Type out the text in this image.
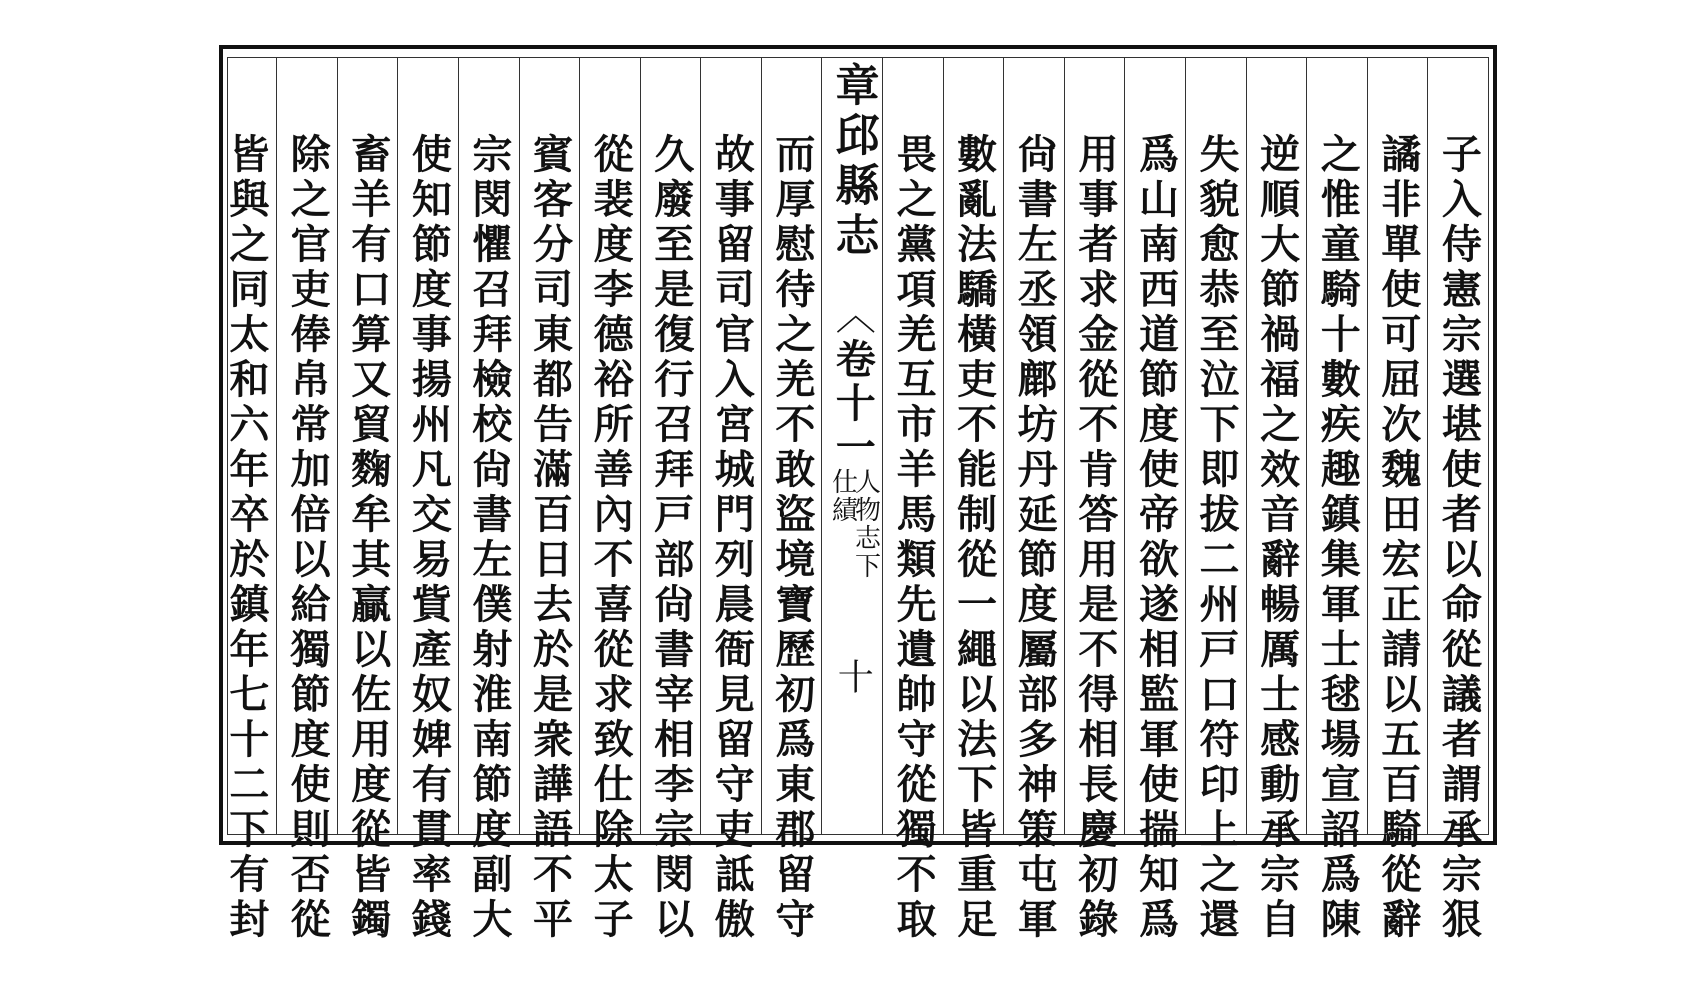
子入侍憲宗選堪使者以命從議者謂承宗狠
譎非單使可屈次魏田宏正請以五百騎從辭
之惟童騎十數疾趣鎮集軍士毬場宣詔爲陳
逆順大節禍福之效音辭暢厲士感動承宗自
失貌愈恭至泣下即拔二州戸口符印上之還
爲山南西道節度使帝欲遂相監軍使揣知爲
用事者求金從不肯答用是不得相長慶初錄
尙書左丞領鄜坊丹延節度屬部多神策屯軍
數亂法驕橫吏不能制從一繩以法下皆重足
畏之黨項羌互市羊馬類先遺帥守從獨不取
章邱縣志
〈卷十一
人物志下
仕績
十
而厚慰待之羌不敢盜境寶歷初爲東郡留守
故事留司官入宮城門列晨衙見留守吏詆傲
久廢至是復行召拜戸部尙書宰相李宗閔以
從裴度李德裕所善內不喜從求致仕除太子
賓客分司東都告滿百日去於是衆譁語不平
宗閔懼召拜檢校尙書左僕射淮南節度副大
使知節度事揚州凡交易貲產奴婢有貫率錢
畜羊有口算又貿麴牟其贏以佐用度從皆鐲
除之官吏俸帛常加倍以給獨節度使則否從
皆與之同太和六年卒於鎮年七十二下有封
